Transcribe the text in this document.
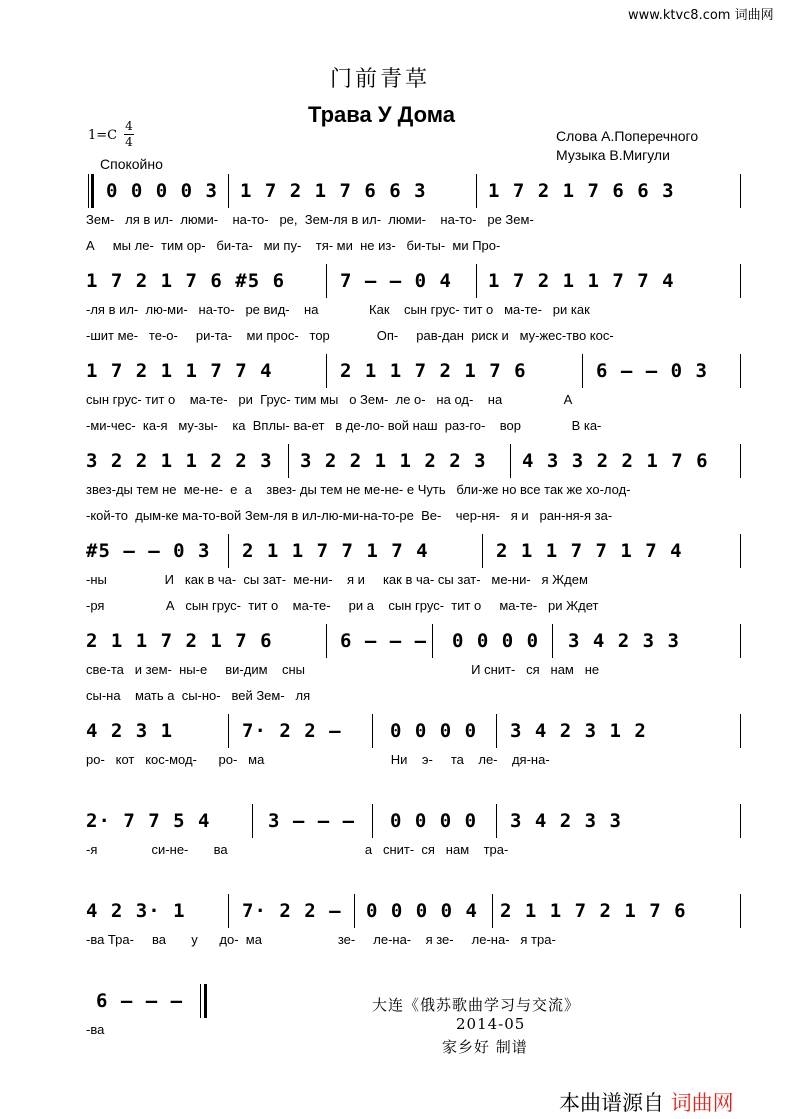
www.ktvc8.com 词曲网
门前青草
Трава У Дома
1=C
4
4
Спокойно
Слова А.Поперечного
Музыка В.Мигули
0 0 0 0 3 1 7 2 1 7 6 6 3	1 7 2 1 7 6 6 3
Зем-   ля в ил-  люми-    на-то-   ре,  Зем-ля в ил-  люми-    на-то-   ре Зем-
А     мы ле-  тим ор-   би-та-   ми пу-    тя- ми  не из-   би-ты-  ми Про-
1 7 2 1 7 6 #5 6	7 – – 0 4 1 7 2 1 1 7 7 4
-ля в ил-  лю-ми-   на-то-   ре вид-    на              Как    сын грус- тит о   ма-те-   ри как
-шит ме-   те-о-     ри-та-    ми прос-   тор             Оп-     рав-дан  риск и   му-жес-тво кос-
1 7 2 1 1 7 7 4	2 1 1 7 2 1 7 6	6 – – 0 3
сын грус- тит о    ма-те-   ри  Грус- тим мы   о Зем-  ле о-   на од-    на                 А
-ми-чес-  ка-я   му-зы-    ка  Вплы- ва-ет   в де-ло- вой наш  раз-го-    вор              В ка-
3 2 2 1 1 2 2 3 3 2 2 1 1 2 2 3 4 3 3 2 2 1 7 6
звез-ды тем не  ме-не-  е  а    звез- ды тем не ме-не- е Чуть   бли-же но все так же хо-лод-
-кой-то  дым-ке ма-то-вой Зем-ля в ил-лю-ми-на-то-ре  Ве-    чер-ня-   я и   ран-ня-я за-
#5 – – 0 3 2 1 1 7 7 1 7 4	2 1 1 7 7 1 7 4
-ны                И   как в ча-  сы зат-  ме-ни-    я и     как в ча- сы зат-   ме-ни-   я Ждем
-ря                 А   сын грус-  тит о    ма-те-     ри а    сын грус-  тит о     ма-те-   ри Ждет
2 1 1 7 2 1 7 6	6 – – – 0 0 0 0 3 4 2 3 3
све-та   и зем-  ны-е     ви-дим    сны                                              И снит-   ся   нам   не
сы-на    мать а  сы-но-   вей Зем-   ля
4 2 3 1	7· 2 2 –	0 0 0 0 3 4 2 3 1 2
ро-   кот   кос-мод-      ро-   ма                                   Ни    э-     та    ле-    дя-на-
2· 7 7 5 4	3 – – – 0 0 0 0 3 4 2 3 3
-я               си-не-       ва                                      а   снит-  ся   нам    тра-
4 2 3· 1	7· 2 2 – 0 0 0 0 4 2 1 1 7 2 1 7 6
-ва Тра-     ва       у      до-  ма                     зе-     ле-на-    я зе-     ле-на-   я тра-
6 – – –
-ва
大连《俄苏歌曲学习与交流》
2014-05
家乡好 制谱
本曲谱源自 词曲网
